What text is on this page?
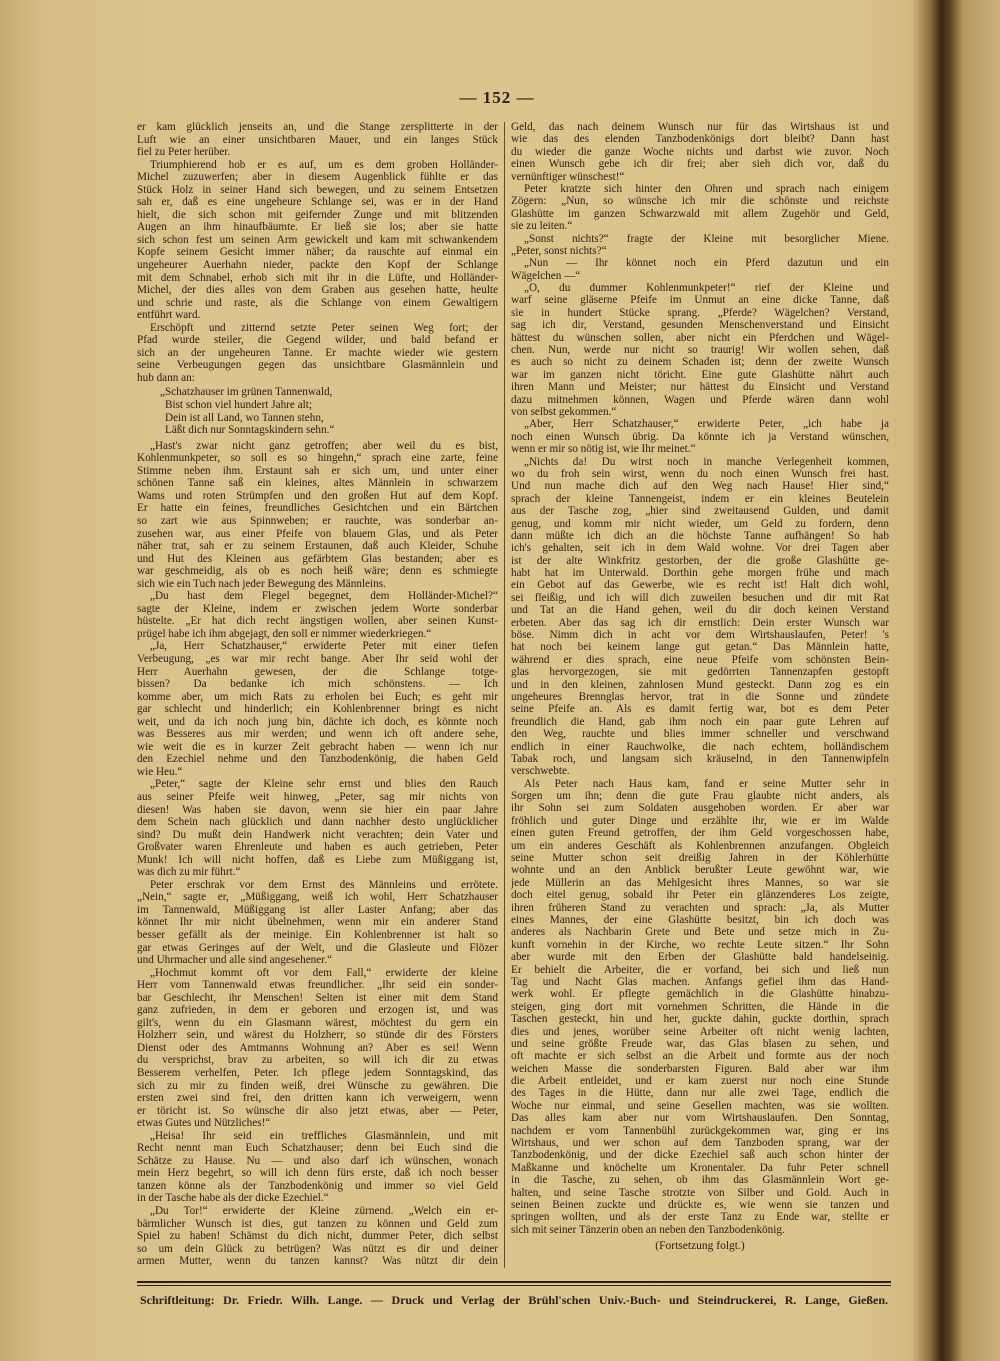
— 152 —
er kam glücklich jenseits an, und die Stange zersplitterte in der
Luft wie an einer unsichtbaren Mauer, und ein langes Stück
fiel zu Peter herüber.
Triumphierend hob er es auf, um es dem groben Holländer-
Michel zuzuwerfen; aber in diesem Augenblick fühlte er das
Stück Holz in seiner Hand sich bewegen, und zu seinem Entsetzen
sah er, daß es eine ungeheure Schlange sei, was er in der Hand
hielt, die sich schon mit geifernder Zunge und mit blitzenden
Augen an ihm hinaufbäumte. Er ließ sie los; aber sie hatte
sich schon fest um seinen Arm gewickelt und kam mit schwankendem
Kopfe seinem Gesicht immer näher; da rauschte auf einmal ein
ungeheurer Auerhahn nieder, packte den Kopf der Schlange
mit dem Schnabel, erhob sich mit ihr in die Lüfte, und Holländer-
Michel, der dies alles von dem Graben aus gesehen hatte, heulte
und schrie und raste, als die Schlange von einem Gewaltigern
entführt ward.
Erschöpft und zitternd setzte Peter seinen Weg fort; der
Pfad wurde steiler, die Gegend wilder, und bald befand er
sich an der ungeheuren Tanne. Er machte wieder wie gestern
seine Verbeugungen gegen das unsichtbare Glasmännlein und
hub dann an:
„Schatzhauser im grünen Tannenwald,
Bist schon viel hundert Jahre alt;
Dein ist all Land, wo Tannen stehn,
Läßt dich nur Sonntagskindern sehn.“
„Hast's zwar nicht ganz getroffen; aber weil du es bist,
Kohlenmunkpeter, so soll es so hingehn,“ sprach eine zarte, feine
Stimme neben ihm. Erstaunt sah er sich um, und unter einer
schönen Tanne saß ein kleines, altes Männlein in schwarzem
Wams und roten Strümpfen und den großen Hut auf dem Kopf.
Er hatte ein feines, freundliches Gesichtchen und ein Bärtchen
so zart wie aus Spinnweben; er rauchte, was sonderbar an-
zusehen war, aus einer Pfeife von blauem Glas, und als Peter
näher trat, sah er zu seinem Erstaunen, daß auch Kleider, Schuhe
und Hut des Kleinen aus gefärbtem Glas bestanden; aber es
war geschmeidig, als ob es noch heiß wäre; denn es schmiegte
sich wie ein Tuch nach jeder Bewegung des Männleins.
„Du hast dem Flegel begegnet, dem Holländer-Michel?“
sagte der Kleine, indem er zwischen jedem Worte sonderbar
hüstelte. „Er hat dich recht ängstigen wollen, aber seinen Kunst-
prügel habe ich ihm abgejagt, den soll er nimmer wiederkriegen.“
„Ja, Herr Schatzhauser,“ erwiderte Peter mit einer tiefen
Verbeugung, „es war mir recht bange. Aber Ihr seid wohl der
Herr Auerhahn gewesen, der die Schlange totge-
bissen? Da bedanke ich mich schönstens. — Ich
komme aber, um mich Rats zu erholen bei Euch; es geht mir
gar schlecht und hinderlich; ein Kohlenbrenner bringt es nicht
weit, und da ich noch jung bin, dächte ich doch, es könnte noch
was Besseres aus mir werden; und wenn ich oft andere sehe,
wie weit die es in kurzer Zeit gebracht haben — wenn ich nur
den Ezechiel nehme und den Tanzbodenkönig, die haben Geld
wie Heu.“
„Peter,“ sagte der Kleine sehr ernst und blies den Rauch
aus seiner Pfeife weit hinweg, „Peter, sag mir nichts von
diesen! Was haben sie davon, wenn sie hier ein paar Jahre
dem Schein nach glücklich und dann nachher desto unglücklicher
sind? Du mußt dein Handwerk nicht verachten; dein Vater und
Großvater waren Ehrenleute und haben es auch getrieben, Peter
Munk! Ich will nicht hoffen, daß es Liebe zum Müßiggang ist,
was dich zu mir führt.“
Peter erschrak vor dem Ernst des Männleins und errötete.
„Nein,“ sagte er, „Müßiggang, weiß ich wohl, Herr Schatzhauser
im Tannenwald, Müßiggang ist aller Laster Anfang; aber das
könnet Ihr mir nicht übelnehmen, wenn mir ein anderer Stand
besser gefällt als der meinige. Ein Kohlenbrenner ist halt so
gar etwas Geringes auf der Welt, und die Glasleute und Flözer
und Uhrmacher und alle sind angesehener.“
„Hochmut kommt oft vor dem Fall,“ erwiderte der kleine
Herr vom Tannenwald etwas freundlicher. „Ihr seid ein sonder-
bar Geschlecht, ihr Menschen! Selten ist einer mit dem Stand
ganz zufrieden, in dem er geboren und erzogen ist, und was
gilt's, wenn du ein Glasmann wärest, möchtest du gern ein
Holzherr sein, und wärest du Holzherr, so stünde dir des Försters
Dienst oder des Amtmanns Wohnung an? Aber es sei! Wenn
du versprichst, brav zu arbeiten, so will ich dir zu etwas
Besserem verhelfen, Peter. Ich pflege jedem Sonntagskind, das
sich zu mir zu finden weiß, drei Wünsche zu gewähren. Die
ersten zwei sind frei, den dritten kann ich verweigern, wenn
er töricht ist. So wünsche dir also jetzt etwas, aber — Peter,
etwas Gutes und Nützliches!“
„Heisa! Ihr seid ein treffliches Glasmännlein, und mit
Recht nennt man Euch Schatzhauser; denn bei Euch sind die
Schätze zu Hause. Nu — und also darf ich wünschen, wonach
mein Herz begehrt, so will ich denn fürs erste, daß ich noch besser
tanzen könne als der Tanzbodenkönig und immer so viel Geld
in der Tasche habe als der dicke Ezechiel.“
„Du Tor!“ erwiderte der Kleine zürnend. „Welch ein er-
bärmlicher Wunsch ist dies, gut tanzen zu können und Geld zum
Spiel zu haben! Schämst du dich nicht, dummer Peter, dich selbst
so um dein Glück zu betrügen? Was nützt es dir und deiner
armen Mutter, wenn du tanzen kannst? Was nützt dir dein
Geld, das nach deinem Wunsch nur für das Wirtshaus ist und
wie das des elenden Tanzbodenkönigs dort bleibt? Dann hast
du wieder die ganze Woche nichts und darbst wie zuvor. Noch
einen Wunsch gebe ich dir frei; aber sieh dich vor, daß du
vernünftiger wünschest!“
Peter kratzte sich hinter den Ohren und sprach nach einigem
Zögern: „Nun, so wünsche ich mir die schönste und reichste
Glashütte im ganzen Schwarzwald mit allem Zugehör und Geld,
sie zu leiten.“
„Sonst nichts?“ fragte der Kleine mit besorglicher Miene.
„Peter, sonst nichts?“
„Nun — Ihr könnet noch ein Pferd dazutun und ein
Wägelchen —“
„O, du dummer Kohlenmunkpeter!“ rief der Kleine und
warf seine gläserne Pfeife im Unmut an eine dicke Tanne, daß
sie in hundert Stücke sprang. „Pferde? Wägelchen? Verstand,
sag ich dir, Verstand, gesunden Menschenverstand und Einsicht
hättest du wünschen sollen, aber nicht ein Pferdchen und Wägel-
chen. Nun, werde nur nicht so traurig! Wir wollen sehen, daß
es auch so nicht zu deinem Schaden ist; denn der zweite Wunsch
war im ganzen nicht töricht. Eine gute Glashütte nährt auch
ihren Mann und Meister; nur hättest du Einsicht und Verstand
dazu mitnehmen können, Wagen und Pferde wären dann wohl
von selbst gekommen.“
„Aber, Herr Schatzhauser,“ erwiderte Peter, „ich habe ja
noch einen Wunsch übrig. Da könnte ich ja Verstand wünschen,
wenn er mir so nötig ist, wie Ihr meinet.“
„Nichts da! Du wirst noch in manche Verlegenheit kommen,
wo du froh sein wirst, wenn du noch einen Wunsch frei hast.
Und nun mache dich auf den Weg nach Hause! Hier sind,“
sprach der kleine Tannengeist, indem er ein kleines Beutelein
aus der Tasche zog, „hier sind zweitausend Gulden, und damit
genug, und komm mir nicht wieder, um Geld zu fordern, denn
dann müßte ich dich an die höchste Tanne aufhängen! So hab
ich's gehalten, seit ich in dem Wald wohne. Vor drei Tagen aber
ist der alte Winkfritz gestorben, der die große Glashütte ge-
habt hat im Unterwald. Dorthin gehe morgen frühe und mach
ein Gebot auf das Gewerbe, wie es recht ist! Halt dich wohl,
sei fleißig, und ich will dich zuweilen besuchen und dir mit Rat
und Tat an die Hand gehen, weil du dir doch keinen Verstand
erbeten. Aber das sag ich dir ernstlich: Dein erster Wunsch war
böse. Nimm dich in acht vor dem Wirtshauslaufen, Peter! 's
hat noch bei keinem lange gut getan.“ Das Männlein hatte,
während er dies sprach, eine neue Pfeife vom schönsten Bein-
glas hervorgezogen, sie mit gedörrten Tannenzapfen gestopft
und in den kleinen, zahnlosen Mund gesteckt. Dann zog es ein
ungeheures Brennglas hervor, trat in die Sonne und zündete
seine Pfeife an. Als es damit fertig war, bot es dem Peter
freundlich die Hand, gab ihm noch ein paar gute Lehren auf
den Weg, rauchte und blies immer schneller und verschwand
endlich in einer Rauchwolke, die nach echtem, holländischem
Tabak roch, und langsam sich kräuselnd, in den Tannenwipfeln
verschwebte.
Als Peter nach Haus kam, fand er seine Mutter sehr in
Sorgen um ihn; denn die gute Frau glaubte nicht anders, als
ihr Sohn sei zum Soldaten ausgehoben worden. Er aber war
fröhlich und guter Dinge und erzählte ihr, wie er im Walde
einen guten Freund getroffen, der ihm Geld vorgeschossen habe,
um ein anderes Geschäft als Kohlenbrennen anzufangen. Obgleich
seine Mutter schon seit dreißig Jahren in der Köhlerhütte
wohnte und an den Anblick berußter Leute gewöhnt war, wie
jede Müllerin an das Mehlgesicht ihres Mannes, so war sie
doch eitel genug, sobald ihr Peter ein glänzenderes Los zeigte,
ihren früheren Stand zu verachten und sprach: „Ja, als Mutter
eines Mannes, der eine Glashütte besitzt, bin ich doch was
anderes als Nachbarin Grete und Bete und setze mich in Zu-
kunft vornehin in der Kirche, wo rechte Leute sitzen.“ Ihr Sohn
aber wurde mit den Erben der Glashütte bald handelseinig.
Er behielt die Arbeiter, die er vorfand, bei sich und ließ nun
Tag und Nacht Glas machen. Anfangs gefiel ihm das Hand-
werk wohl. Er pflegte gemächlich in die Glashütte hinabzu-
steigen, ging dort mit vornehmen Schritten, die Hände in die
Taschen gesteckt, hin und her, guckte dahin, guckte dorthin, sprach
dies und jenes, worüber seine Arbeiter oft nicht wenig lachten,
und seine größte Freude war, das Glas blasen zu sehen, und
oft machte er sich selbst an die Arbeit und formte aus der noch
weichen Masse die sonderbarsten Figuren. Bald aber war ihm
die Arbeit entleidet, und er kam zuerst nur noch eine Stunde
des Tages in die Hütte, dann nur alle zwei Tage, endlich die
Woche nur einmal, und seine Gesellen machten, was sie wollten.
Das alles kam aber nur vom Wirtshauslaufen. Den Sonntag,
nachdem er vom Tannenbühl zurückgekommen war, ging er ins
Wirtshaus, und wer schon auf dem Tanzboden sprang, war der
Tanzbodenkönig, und der dicke Ezechiel saß auch schon hinter der
Maßkanne und knöchelte um Kronentaler. Da fuhr Peter schnell
in die Tasche, zu sehen, ob ihm das Glasmännlein Wort ge-
halten, und seine Tasche strotzte von Silber und Gold. Auch in
seinen Beinen zuckte und drückte es, wie wenn sie tanzen und
springen wollten, und als der erste Tanz zu Ende war, stellte er
sich mit seiner Tänzerin oben an neben den Tanzbodenkönig.
(Fortsetzung folgt.)
Schriftleitung: Dr. Friedr. Wilh. Lange. — Druck und Verlag der Brühl'schen Univ.-Buch- und Steindruckerei, R. Lange, Gießen.
